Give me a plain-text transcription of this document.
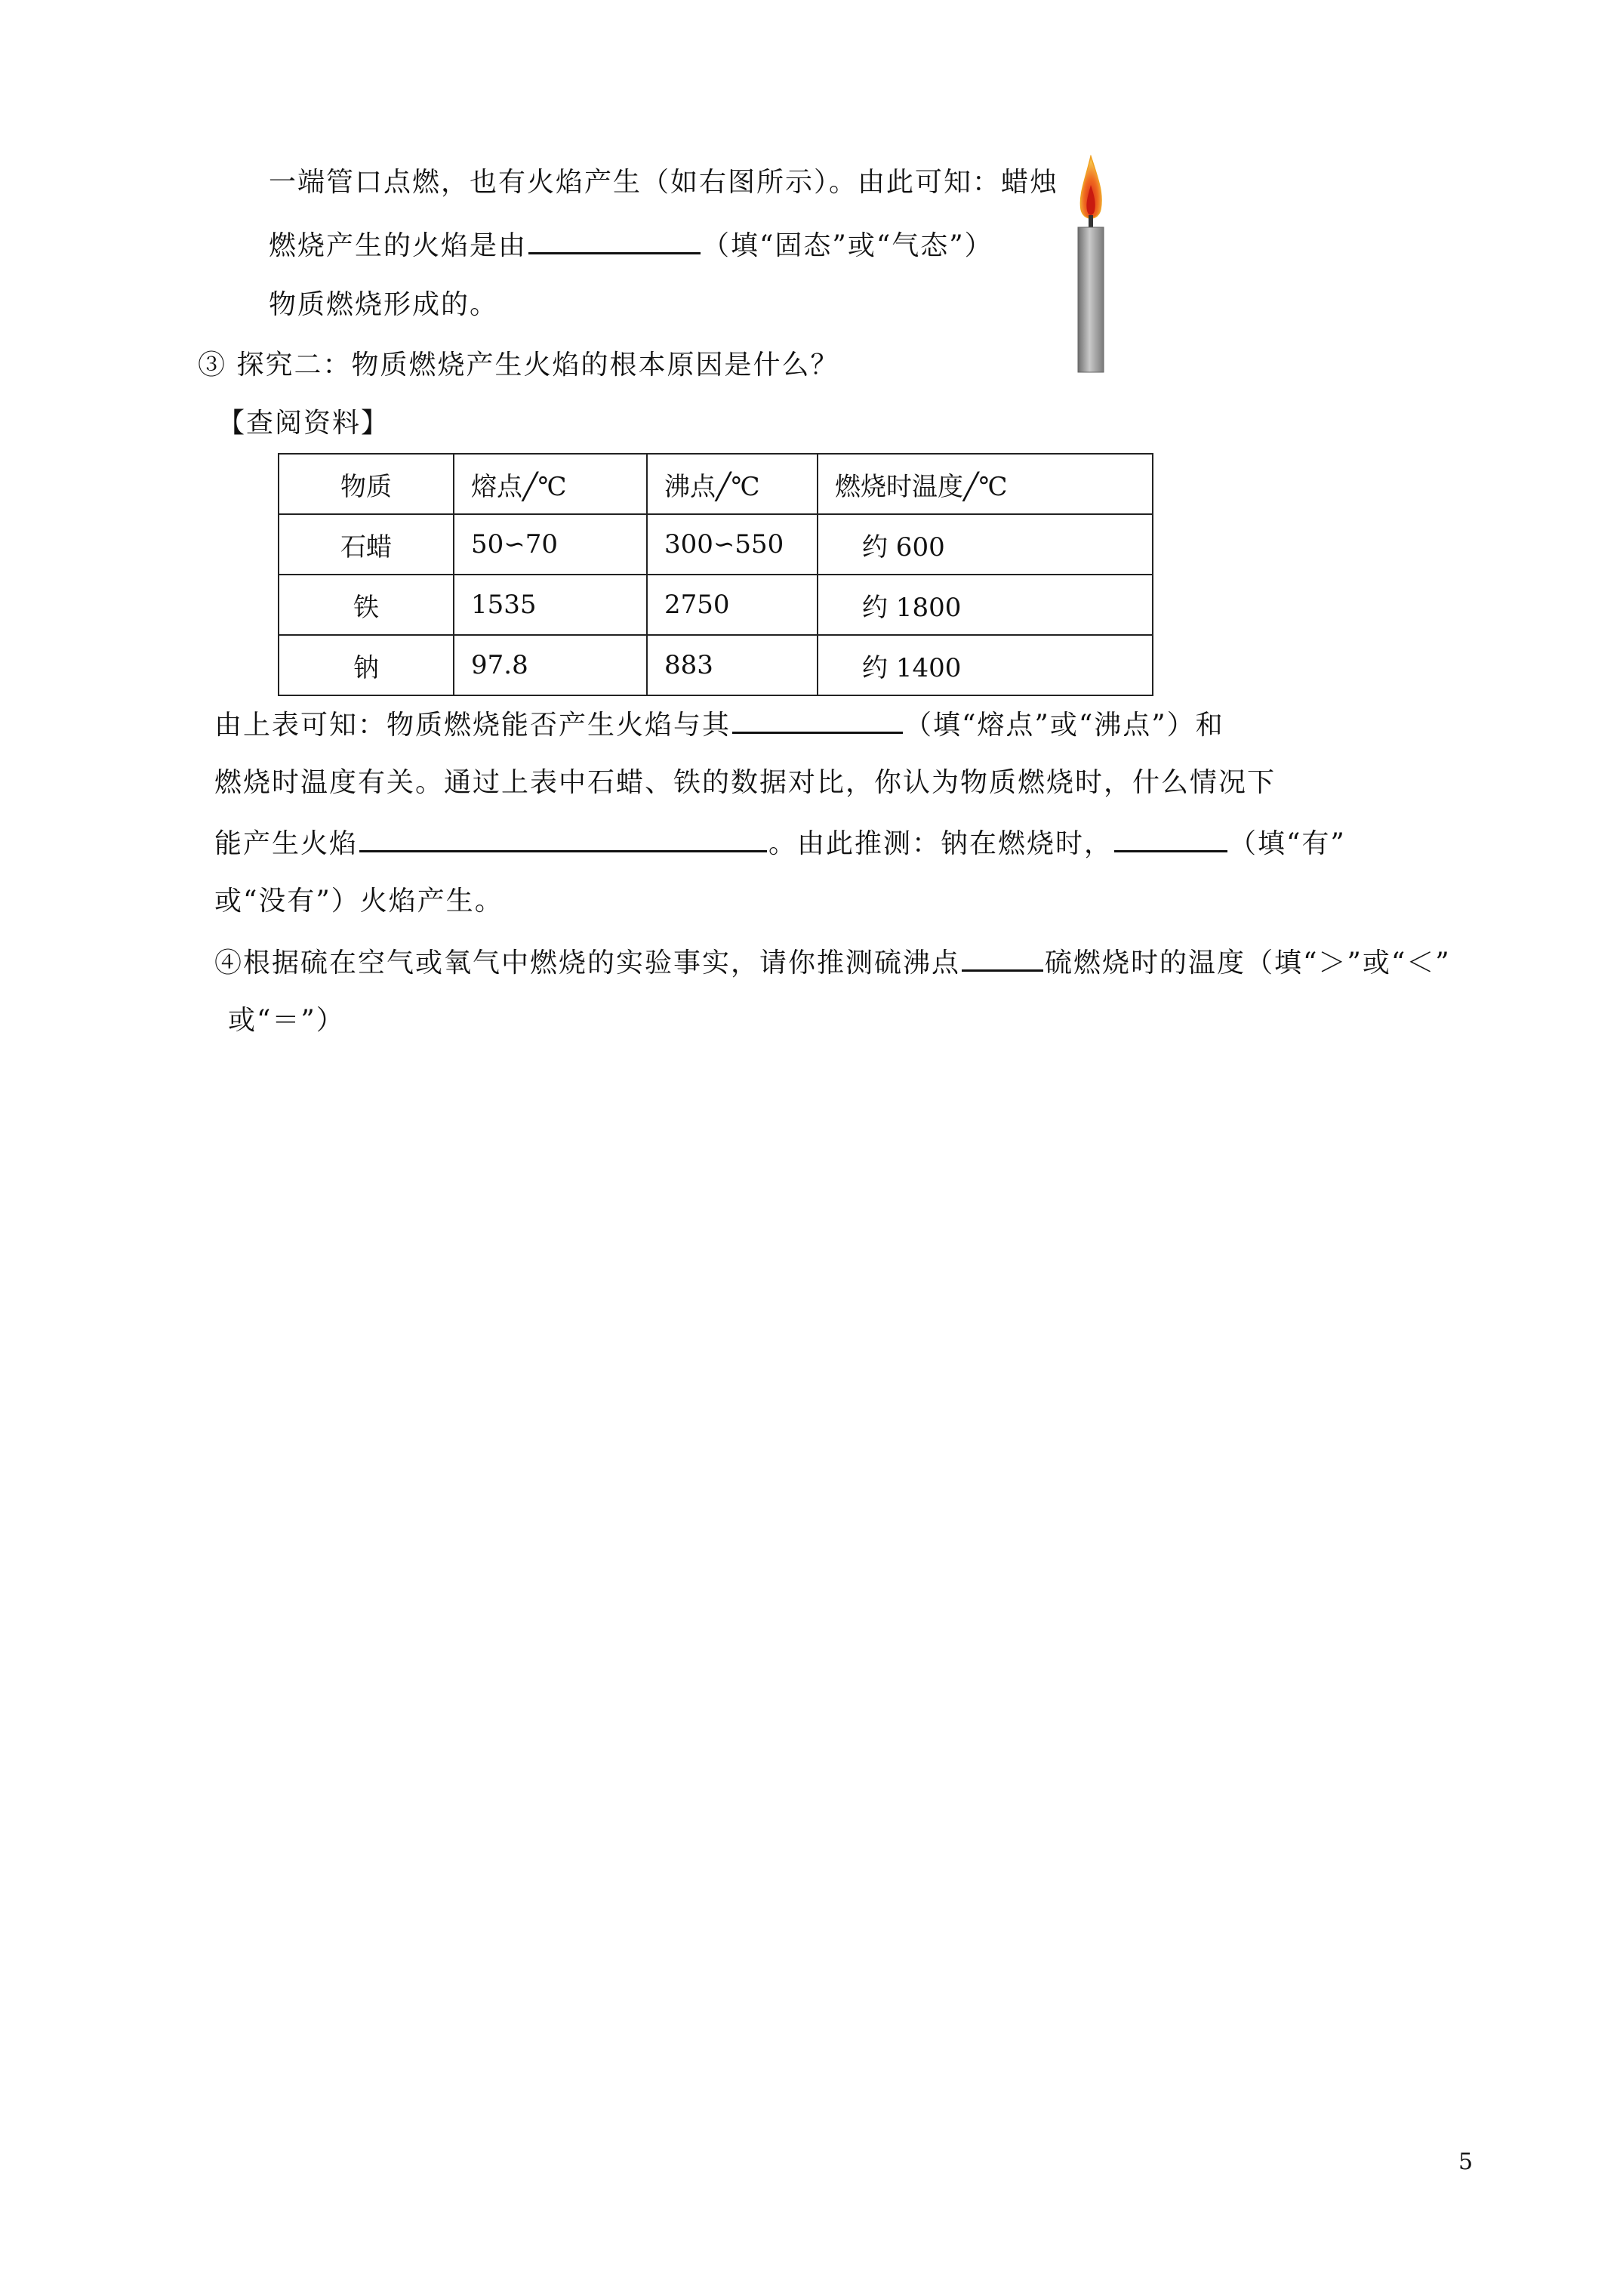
一端管口点燃，也有火焰产生（如右图所示）。由此可知：蜡烛
燃烧产生的火焰是由	（填“固态”或“气态”）
物质燃烧形成的。
③ 探究二：物质燃烧产生火焰的根本原因是什么？
【查阅资料】
物质	熔点╱℃	沸点╱℃	燃烧时温度╱℃
石蜡	50∽70	300∽550	约 600
铁	1535	2750	约 1800
钠	97.8	883	约 1400
由上表可知：物质燃烧能否产生火焰与其	（填“熔点”或“沸点”）和
燃烧时温度有关。通过上表中石蜡、铁的数据对比，你认为物质燃烧时，什么情况下
能产生火焰	。由此推测：钠在燃烧时，	（填“有”
或“没有”）火焰产生。
④根据硫在空气或氧气中燃烧的实验事实，请你推测硫沸点	硫燃烧时的温度（填“＞”或“＜”
或“＝”）
5
